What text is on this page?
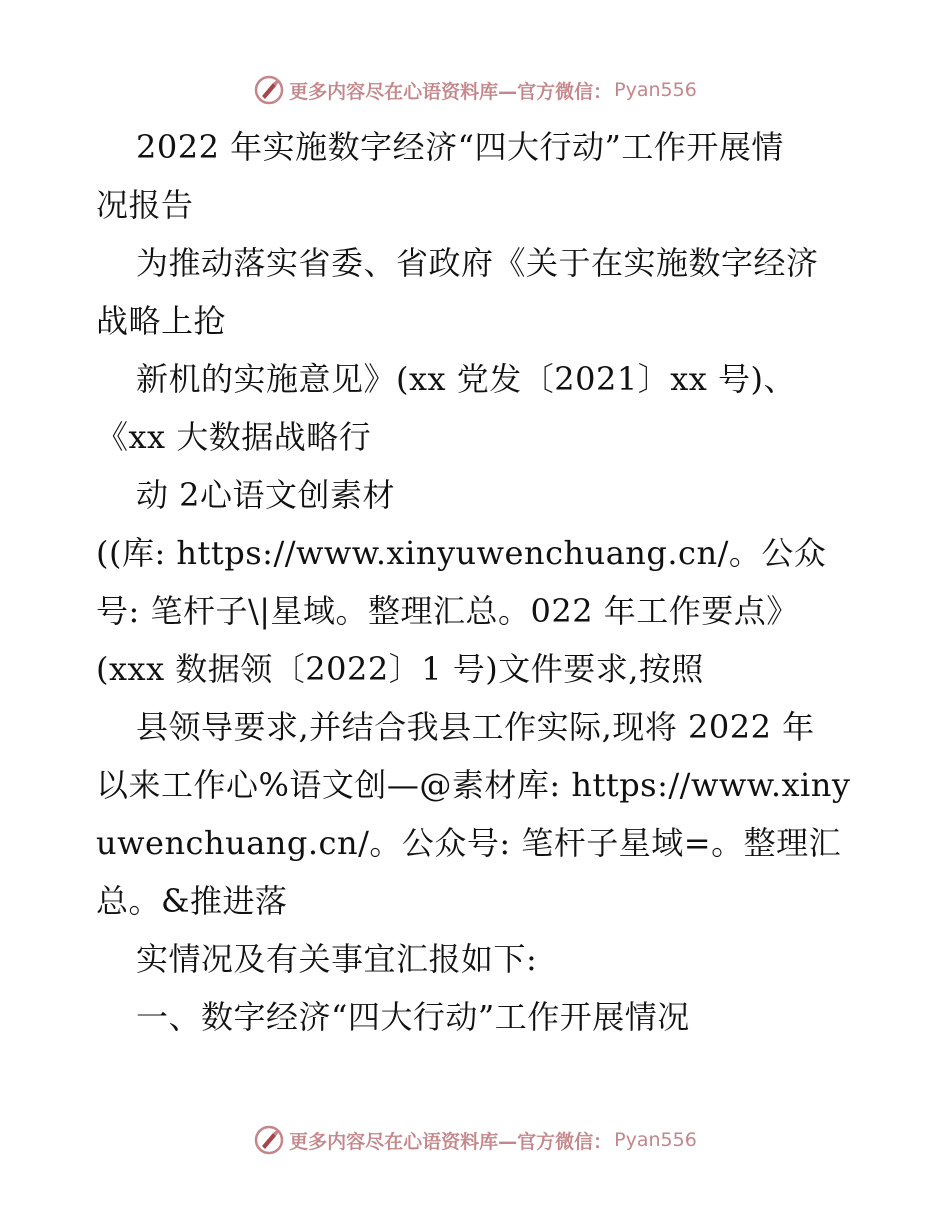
更多内容尽在心语资料库—官方微信： Pyan556
2022 年实施数字经济“四大行动”工作开展情
况报告
为推动落实省委、省政府《关于在实施数字经济
战略上抢
新机的实施意见》(xx 党发〔2021〕xx 号)、
《xx 大数据战略行
动 2心语文创素材
((库: https://www.xinyuwenchuang.cn/。公众
号: 笔杆子\|星域。整理汇总。022 年工作要点》
(xxx 数据领〔2022〕1 号)文件要求,按照
县领导要求,并结合我县工作实际,现将 2022 年
以来工作心%语文创—@素材库: https://www.xiny
uwenchuang.cn/。公众号: 笔杆子星域=。整理汇
总。&推进落
实情况及有关事宜汇报如下:
一、数字经济“四大行动”工作开展情况
更多内容尽在心语资料库—官方微信： Pyan556
